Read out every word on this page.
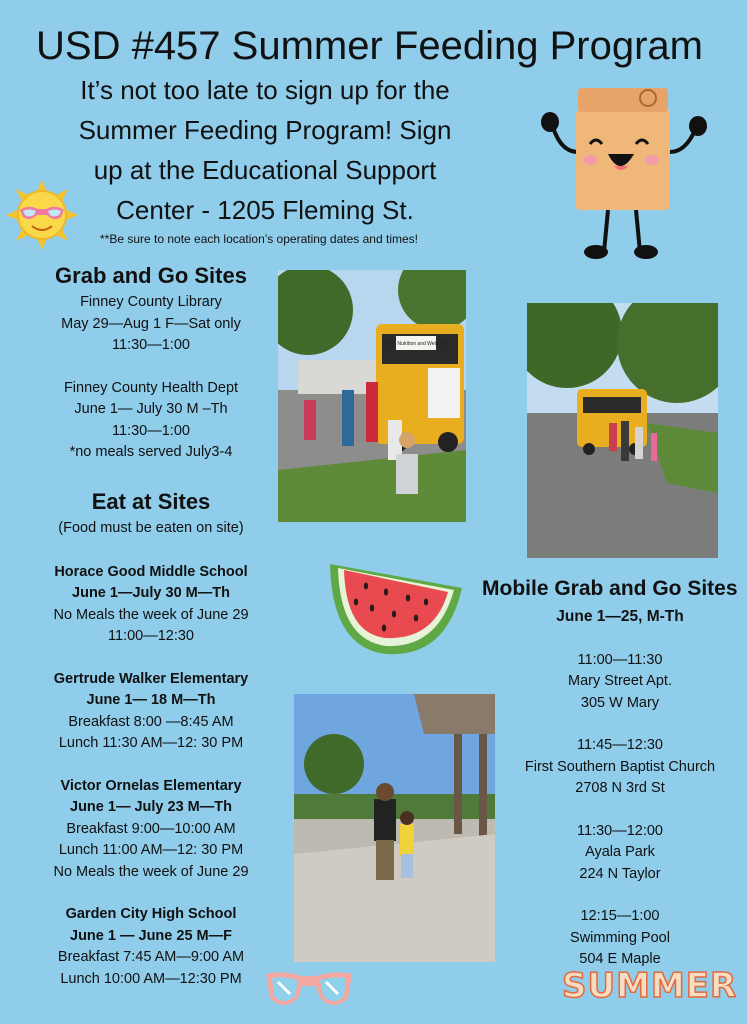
USD #457 Summer Feeding Program
It’s not too late to sign up for the
Summer Feeding Program! Sign
up at the Educational Support
Center - 1205 Fleming St.
**Be sure to note each location’s operating dates and times!
Grab and Go Sites
Finney County Library
May 29—Aug 1 F—Sat only
11:30—1:00
Finney County Health Dept
June 1— July 30 M –Th
11:30—1:00
*no meals served July3-4
Eat at Sites
(Food must be eaten on site)
Horace Good Middle School
June 1—July 30 M—Th
No Meals the week of June 29
11:00—12:30
Gertrude Walker Elementary
June 1— 18 M—Th
Breakfast 8:00 —8:45 AM
Lunch 11:30 AM—12: 30 PM
Victor Ornelas Elementary
June 1— July 23 M—Th
Breakfast 9:00—10:00 AM
Lunch 11:00 AM—12: 30 PM
No Meals the week of June 29
Garden City High School
June 1 — June 25 M—F
Breakfast 7:45 AM—9:00 AM
Lunch 10:00 AM—12:30 PM
Child Nutrition and Wellness
Mobile Grab and Go Sites
June 1—25, M-Th
11:00—11:30
Mary Street Apt.
305 W Mary
11:45—12:30
First Southern Baptist Church
2708 N 3rd St
11:30—12:00
Ayala Park
224 N Taylor
12:15—1:00
Swimming Pool
504 E Maple
SUMMER
